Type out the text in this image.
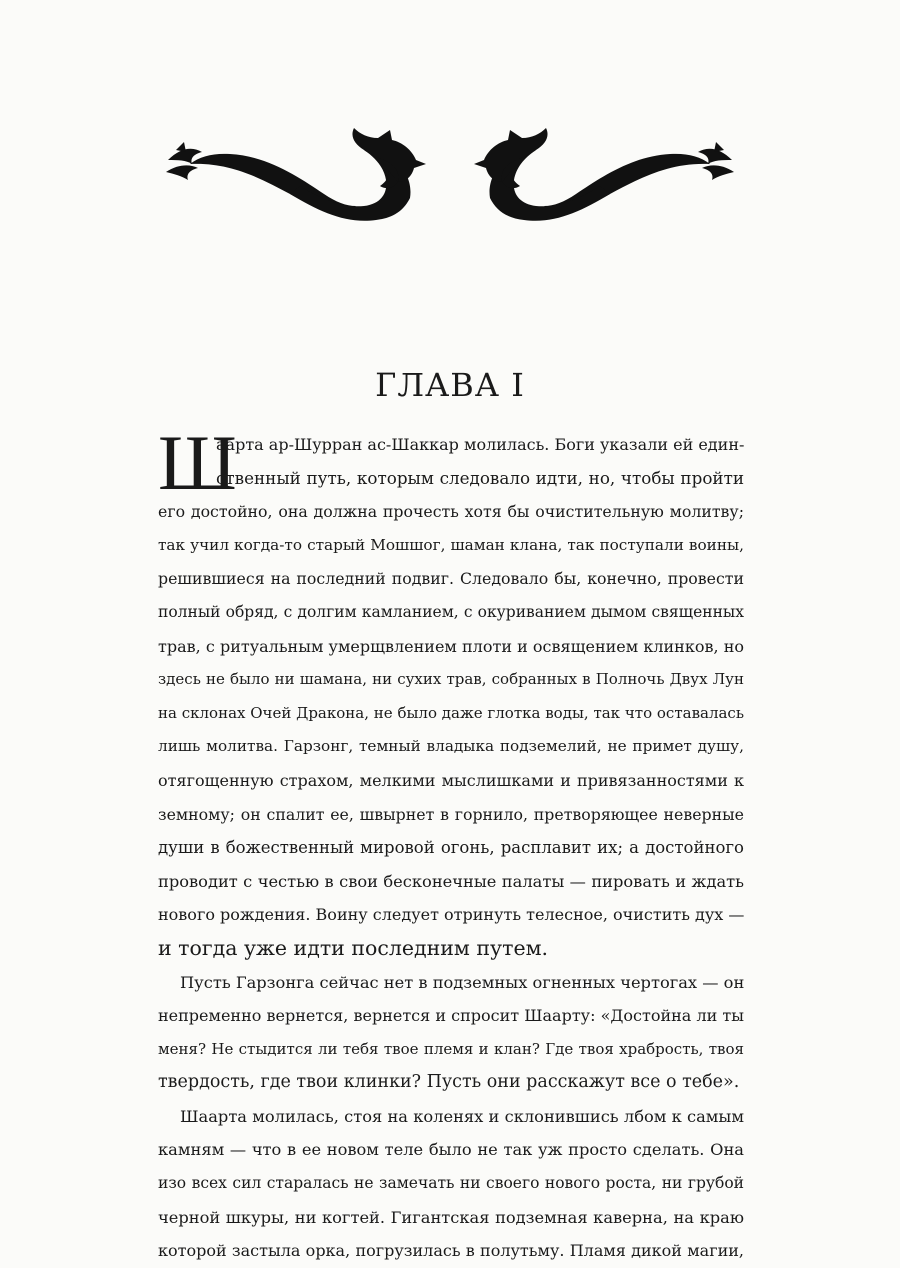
ГЛАВА I
Ш
аарта ар-Шурран ас-Шаккар молилась. Боги указали ей един-
ственный путь, которым следовало идти, но, чтобы пройти
его достойно, она должна прочесть хотя бы очистительную молитву;
так учил когда-то старый Мошшог, шаман клана, так поступали воины,
решившиеся на последний подвиг. Следовало бы, конечно, провести
полный обряд, с долгим камланием, с окуриванием дымом священных
трав, с ритуальным умерщвлением плоти и освящением клинков, но
здесь не было ни шамана, ни сухих трав, собранных в Полночь Двух Лун
на склонах Очей Дракона, не было даже глотка воды, так что оставалась
лишь молитва. Гарзонг, темный владыка подземелий, не примет душу,
отягощенную страхом, мелкими мыслишками и привязанностями к
земному; он спалит ее, швырнет в горнило, претворяющее неверные
души в божественный мировой огонь, расплавит их; а достойного
проводит с честью в свои бесконечные палаты — пировать и ждать
нового рождения. Воину следует отринуть телесное, очистить дух —
и тогда уже идти последним путем.
Пусть Гарзонга сейчас нет в подземных огненных чертогах — он
непременно вернется, вернется и спросит Шаарту: «Достойна ли ты
меня? Не стыдится ли тебя твое племя и клан? Где твоя храбрость, твоя
твердость, где твои клинки? Пусть они расскажут все о тебе».
Шаарта молилась, стоя на коленях и склонившись лбом к самым
камням — что в ее новом теле было не так уж просто сделать. Она
изо всех сил старалась не замечать ни своего нового роста, ни грубой
черной шкуры, ни когтей. Гигантская подземная каверна, на краю
которой застыла орка, погрузилась в полутьму. Пламя дикой магии,
